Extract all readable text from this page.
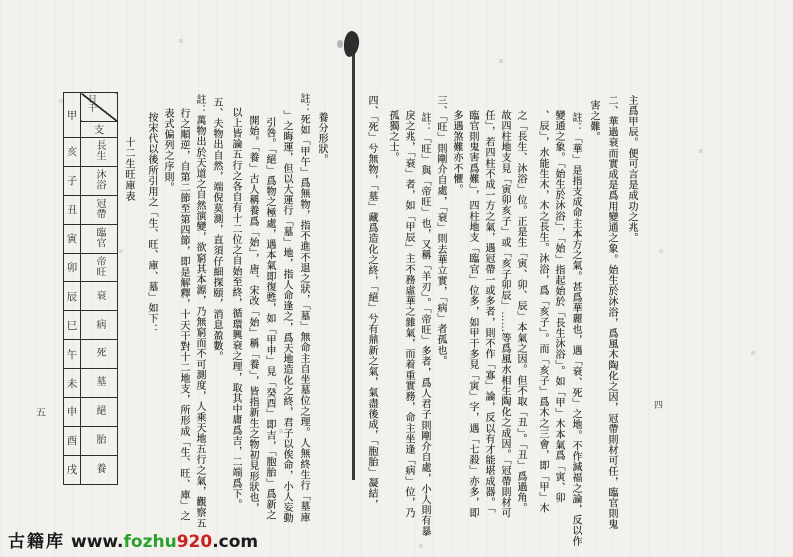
主爲甲辰。便可言是成功之兆。
二、華過衰而實成是爲用變通之象。始生於沐浴，爲風木陶化之因，冠帶則材可任，臨官則鬼
害之難。
註：「華」是指支成命主本方之氣。甚爲華麗也，遇「衰、死」之地。不作減福之論，反以作
變通之象。「始生於沐浴」，「始」指起始於「長生沐浴」。如「甲」木本氣爲「寅、卯
、辰」，水能生木，木之長生。沐浴，爲「亥子」。而「亥子」爲木之三會，即「甲」木
之「長生、沐浴」位。正是生「寅、卯、辰」本氣之因。但不取「丑」。「丑」爲過角。
故四柱地支見「寅卯亥子」或「亥子卯辰」……等爲風水相生陶化之成因。「冠帶則材可
任」，若四柱不成一方之氣，遇冠帶一或多者，則不作「寡」論，反以有才能堪成器。「
臨官則鬼害爲難」，四柱地支「臨官」位多，如甲干多見「寅」字，遇「七殺」亦多，即
多遇煞難亦不懼。
三、「旺」則剛介自處，「衰」則去華立實，「病」者孤也。
註：「旺」與「帝旺」也，又稱「羊刃」。「帝旺」多者，爲人君子則剛介自處，小人則有暴
戾之兆，「衰」者，如「甲辰」主不務虛華之雜氣，而着重實務，命主坐逢「病」位，乃
孤獨之士。
四、「死」兮無物，「墓」藏爲造化之終，「絕」兮有鼎新之氣，氣盡後成，「胞胎」凝結，	四
養分形狀。
註：死如「甲午」爲無物，指不進不退之狀，「墓」無命主自坐墓位之理。人無終生行「墓庫
」之晦運，但以大運行「墓」地，指人命逢之，爲天地造化之終，君子以俟命，小人妄動
引咎。「絕」爲物之極處，遇本氣即復甦，如「甲申」見「癸酉」即吉，「胞胎」爲新之
開始。「養」古人稱養爲「始」，唐、宋改「始」稱「養」，皆指新生之物初見形狀也，
以上皆論五行之各自有十二位之自始至終，循環興衰之理，取其中庸爲吉，二端爲下。
五、夫物出自然，端倪莫測，直須仔細探頤，消息盈數。
註：萬物出於天道之自然演變，欲窮其本源，乃無窮而不可測度，人乘天地五行之氣，觀察五
行之順逆，自第二節至第四節，即是解釋，十天干對十二地支，所形成「生、旺、庫」之
表式偏列之序則。
按宋代以後所引用之「生、旺、庫、墓」如下：
五
十二生旺庫表
甲	日干

	支
亥	長生
子	沐浴
丑	冠帶
寅	臨官
卯	帝旺
辰	衰
巳	病
午	死
未	墓
申	絕
酉	胎
戌	養
古籍库 www.fozhu920.com
